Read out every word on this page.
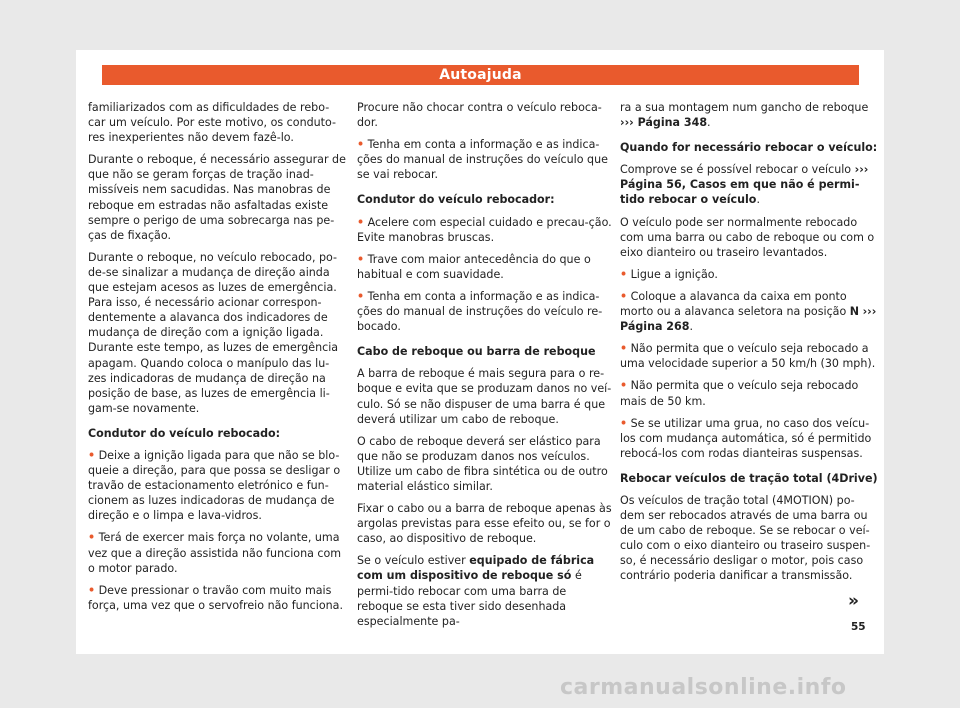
Autoajuda

familiarizados com as dificuldades de rebo-car um veículo. Por este motivo, os conduto-res inexperientes não devem fazê-lo.

Durante o reboque, é necessário assegurar de que não se geram forças de tração inad-missíveis nem sacudidas. Nas manobras de reboque em estradas não asfaltadas existe sempre o perigo de uma sobrecarga nas pe-ças de fixação.

Durante o reboque, no veículo rebocado, po-de-se sinalizar a mudança de direção ainda que estejam acesos as luzes de emergência. Para isso, é necessário acionar correspon-dentemente a alavanca dos indicadores de mudança de direção com a ignição ligada. Durante este tempo, as luzes de emergência apagam. Quando coloca o manípulo das lu-zes indicadoras de mudança de direção na posição de base, as luzes de emergência li-gam-se novamente.

Condutor do veículo rebocado:

• Deixe a ignição ligada para que não se blo-queie a direção, para que possa se desligar o travão de estacionamento eletrónico e fun-cionem as luzes indicadoras de mudança de direção e o limpa e lava-vidros.

• Terá de exercer mais força no volante, uma vez que a direção assistida não funciona com o motor parado.

• Deve pressionar o travão com muito mais força, uma vez que o servofreio não funciona.

Procure não chocar contra o veículo reboca-dor.

• Tenha em conta a informação e as indica-ções do manual de instruções do veículo que se vai rebocar.

Condutor do veículo rebocador:

• Acelere com especial cuidado e precau-ção. Evite manobras bruscas.

• Trave com maior antecedência do que o habitual e com suavidade.

• Tenha em conta a informação e as indica-ções do manual de instruções do veículo re-bocado.

Cabo de reboque ou barra de reboque

A barra de reboque é mais segura para o re-boque e evita que se produzam danos no veí-culo. Só se não dispuser de uma barra é que deverá utilizar um cabo de reboque.

O cabo de reboque deverá ser elástico para que não se produzam danos nos veículos. Utilize um cabo de fibra sintética ou de outro material elástico similar.

Fixar o cabo ou a barra de reboque apenas às argolas previstas para esse efeito ou, se for o caso, ao dispositivo de reboque.

Se o veículo estiver equipado de fábrica com um dispositivo de reboque só é permi-tido rebocar com uma barra de reboque se esta tiver sido desenhada especialmente pa-

ra a sua montagem num gancho de reboque ››› Página 348.

Quando for necessário rebocar o veículo:

Comprove se é possível rebocar o veículo ››› Página 56, Casos em que não é permi-tido rebocar o veículo.

O veículo pode ser normalmente rebocado com uma barra ou cabo de reboque ou com o eixo dianteiro ou traseiro levantados.

• Ligue a ignição.

• Coloque a alavanca da caixa em ponto morto ou a alavanca seletora na posição N ››› Página 268.

• Não permita que o veículo seja rebocado a uma velocidade superior a 50 km/h (30 mph).

• Não permita que o veículo seja rebocado mais de 50 km.

• Se se utilizar uma grua, no caso dos veícu-los com mudança automática, só é permitido rebocá-los com rodas dianteiras suspensas.

Rebocar veículos de tração total (4Drive)

Os veículos de tração total (4MOTION) po-dem ser rebocados através de uma barra ou de um cabo de reboque. Se se rebocar o veí-culo com o eixo dianteiro ou traseiro suspen-so, é necessário desligar o motor, pois caso contrário poderia danificar a transmissão.

»
55
carmanualsonline.info
